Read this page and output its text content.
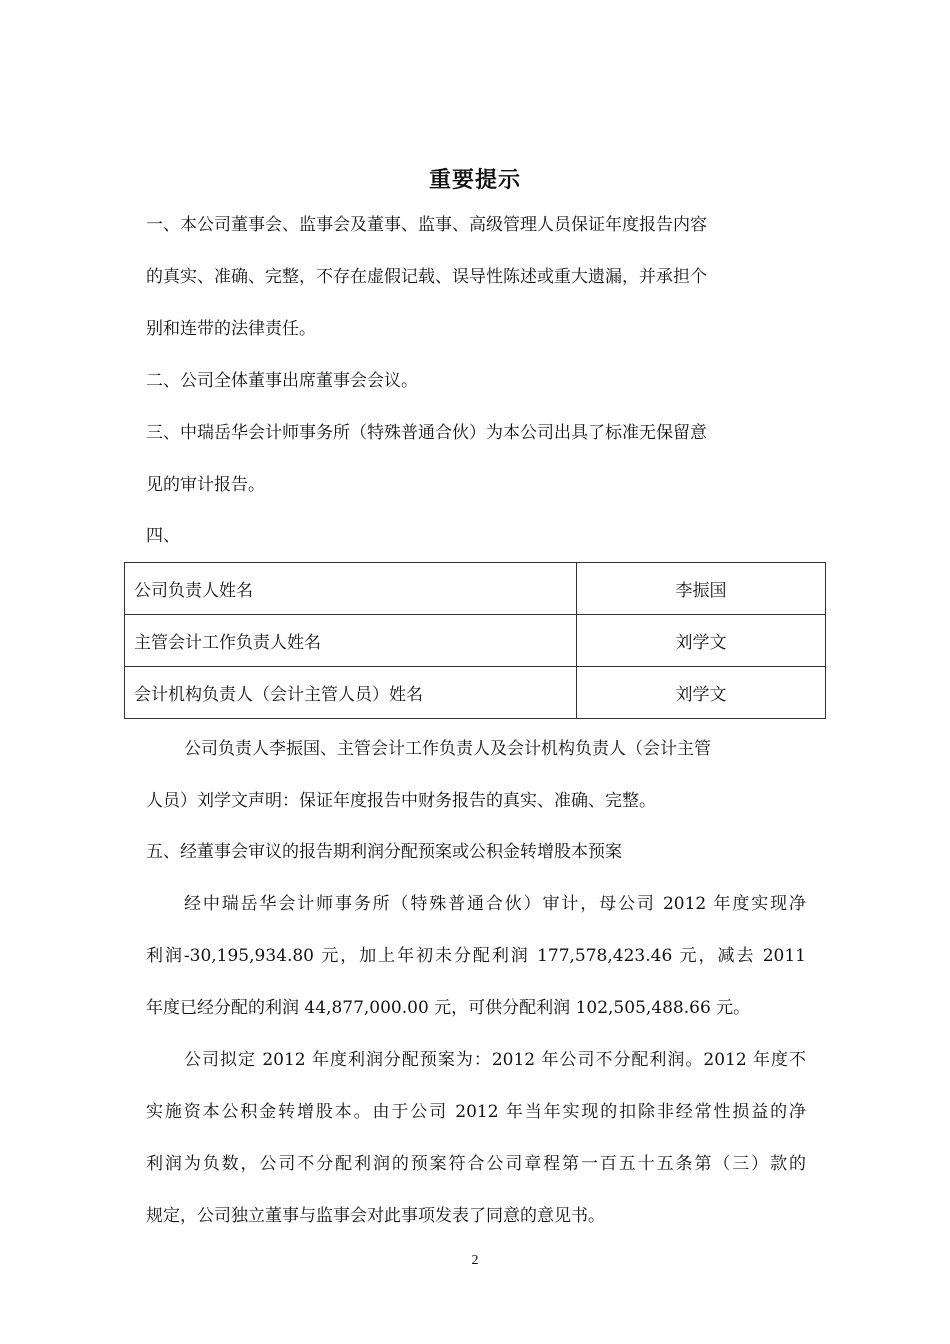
重要提示
一、本公司董事会、监事会及董事、监事、高级管理人员保证年度报告内容
的真实、准确、完整，不存在虚假记载、误导性陈述或重大遗漏，并承担个
别和连带的法律责任。
二、公司全体董事出席董事会会议。
三、中瑞岳华会计师事务所（特殊普通合伙）为本公司出具了标准无保留意
见的审计报告。
四、
公司负责人姓名	李振国
主管会计工作负责人姓名	刘学文
会计机构负责人（会计主管人员）姓名	刘学文
公司负责人李振国、主管会计工作负责人及会计机构负责人（会计主管
人员）刘学文声明：保证年度报告中财务报告的真实、准确、完整。
五、经董事会审议的报告期利润分配预案或公积金转增股本预案
经中瑞岳华会计师事务所（特殊普通合伙）审计，母公司 2012 年度实现净
利润-30,195,934.80 元，加上年初未分配利润 177,578,423.46 元，减去 2011
年度已经分配的利润 44,877,000.00 元，可供分配利润 102,505,488.66 元。
公司拟定 2012 年度利润分配预案为：2012 年公司不分配利润。2012 年度不
实施资本公积金转增股本。由于公司 2012 年当年实现的扣除非经常性损益的净
利润为负数，公司不分配利润的预案符合公司章程第一百五十五条第（三）款的
规定，公司独立董事与监事会对此事项发表了同意的意见书。
2
